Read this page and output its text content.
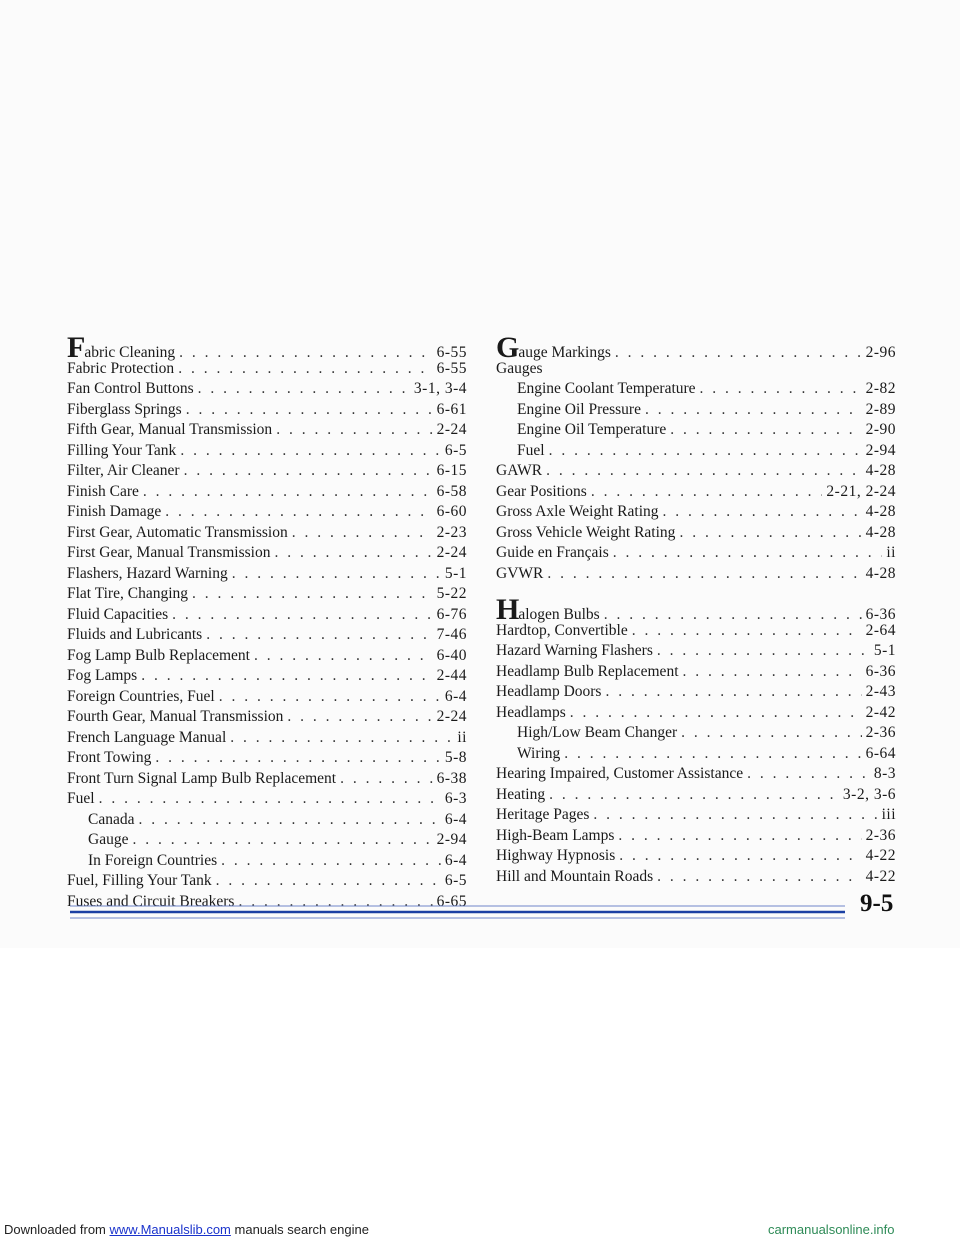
Fabric Cleaning . . .	6-55
Fabric Protection . . .	6-55
Fan Control Buttons . . .	3-1, 3-4
Fiberglass Springs . . .	6-61
Fifth Gear, Manual Transmission . . .	2-24
Filling Your Tank . . .	6-5
Filter, Air Cleaner . . .	6-15
Finish Care . . .	6-58
Finish Damage . . .	6-60
First Gear, Automatic Transmission . . .	2-23
First Gear, Manual Transmission . . .	2-24
Flashers, Hazard Warning . . .	5-1
Flat Tire, Changing . . .	5-22
Fluid Capacities . . .	6-76
Fluids and Lubricants . . .	7-46
Fog Lamp Bulb Replacement . . .	6-40
Fog Lamps . . .	2-44
Foreign Countries, Fuel . . .	6-4
Fourth Gear, Manual Transmission . . .	2-24
French Language Manual . . .	ii
Front Towing . . .	5-8
Front Turn Signal Lamp Bulb Replacement . . .	6-38
Fuel . . .	6-3
Canada . . .	6-4
Gauge . . .	2-94
In Foreign Countries . . .	6-4
Fuel, Filling Your Tank . . .	6-5
Fuses and Circuit Breakers . . .	6-65
Gauge Markings . . .	2-96
Gauges
Engine Coolant Temperature . . .	2-82
Engine Oil Pressure . . .	2-89
Engine Oil Temperature . . .	2-90
Fuel . . .	2-94
GAWR . . .	4-28
Gear Positions . . .	2-21, 2-24
Gross Axle Weight Rating . . .	4-28
Gross Vehicle Weight Rating . . .	4-28
Guide en Français . . .	ii
GVWR . . .	4-28
Halogen Bulbs . . .	6-36
Hardtop, Convertible . . .	2-64
Hazard Warning Flashers . . .	5-1
Headlamp Bulb Replacement . . .	6-36
Headlamp Doors . . .	2-43
Headlamps . . .	2-42
High/Low Beam Changer . . .	2-36
Wiring . . .	6-64
Hearing Impaired, Customer Assistance . . .	8-3
Heating . . .	3-2, 3-6
Heritage Pages . . .	iii
High-Beam Lamps . . .	2-36
Highway Hypnosis . . .	4-22
Hill and Mountain Roads . . .	4-22
9-5
Downloaded from www.Manualslib.com manuals search engine	carmanualsonline.info
